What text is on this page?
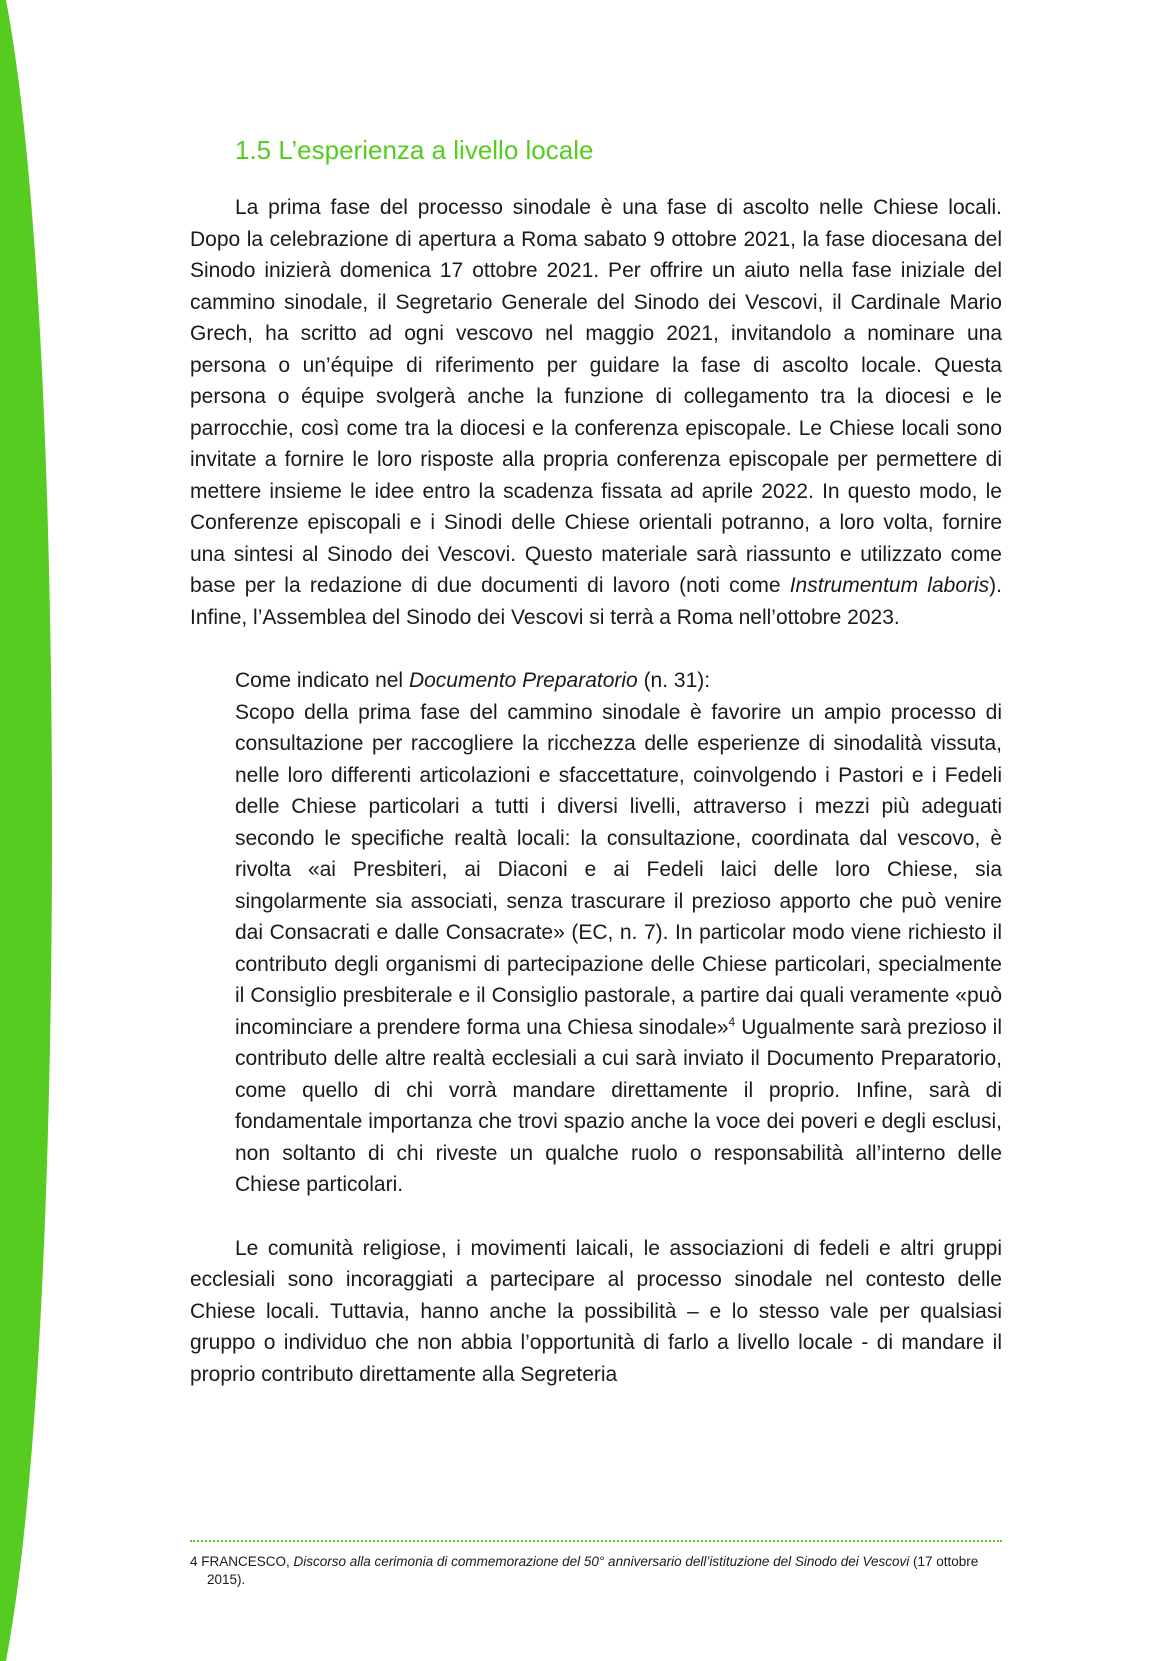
1.5 L’esperienza a livello locale

La prima fase del processo sinodale è una fase di ascolto nelle Chiese locali. Dopo la celebrazione di apertura a Roma sabato 9 ottobre 2021, la fase diocesana del Sinodo inizierà domenica 17 ottobre 2021. Per offrire un aiuto nella fase iniziale del cammino sinodale, il Segretario Generale del Sinodo dei Vescovi, il Cardinale Mario Grech, ha scritto ad ogni vescovo nel maggio 2021, invitandolo a nominare una persona o un’équipe di riferimento per guidare la fase di ascolto locale. Questa persona o équipe svolgerà anche la funzione di collegamento tra la diocesi e le parrocchie, così come tra la diocesi e la conferenza episcopale. Le Chiese locali sono invitate a fornire le loro risposte alla propria conferenza episcopale per permettere di mettere insieme le idee entro la scadenza fissata ad aprile 2022. In questo modo, le Conferenze episcopali e i Sinodi delle Chiese orientali potranno, a loro volta, fornire una sintesi al Sinodo dei Vescovi. Questo materiale sarà riassunto e utilizzato come base per la redazione di due documenti di lavoro (noti come Instrumentum laboris). Infine, l’Assemblea del Sinodo dei Vescovi si terrà a Roma nell’ottobre 2023.

Come indicato nel Documento Preparatorio (n. 31):

Scopo della prima fase del cammino sinodale è favorire un ampio processo di consultazione per raccogliere la ricchezza delle esperienze di sinodalità vissuta, nelle loro differenti articolazioni e sfaccettature, coinvolgendo i Pastori e i Fedeli delle Chiese particolari a tutti i diversi livelli, attraverso i mezzi più adeguati secondo le specifiche realtà locali: la consultazione, coordinata dal vescovo, è rivolta «ai Presbiteri, ai Diaconi e ai Fedeli laici delle loro Chiese, sia singolarmente sia associati, senza trascurare il prezioso apporto che può venire dai Consacrati e dalle Consacrate» (EC, n. 7). In particolar modo viene richiesto il contributo degli organismi di partecipazione delle Chiese particolari, specialmente il Consiglio presbiterale e il Consiglio pastorale, a partire dai quali veramente «può incominciare a prendere forma una Chiesa sinodale»$^4$ Ugualmente sarà prezioso il contributo delle altre realtà ecclesiali a cui sarà inviato il Documento Preparatorio, come quello di chi vorrà mandare direttamente il proprio. Infine, sarà di fondamentale importanza che trovi spazio anche la voce dei poveri e degli esclusi, non soltanto di chi riveste un qualche ruolo o responsabilità all’interno delle Chiese particolari.

Le comunità religiose, i movimenti laicali, le associazioni di fedeli e altri gruppi ecclesiali sono incoraggiati a partecipare al processo sinodale nel contesto delle Chiese locali. Tuttavia, hanno anche la possibilità – e lo stesso vale per qualsiasi gruppo o individuo che non abbia l’opportunità di farlo a livello locale - di mandare il proprio contributo direttamente alla Segreteria

4 FRANCESCO, Discorso alla cerimonia di commemorazione del 50° anniversario dell’istituzione del Sinodo dei Vescovi (17 ottobre 2015).
